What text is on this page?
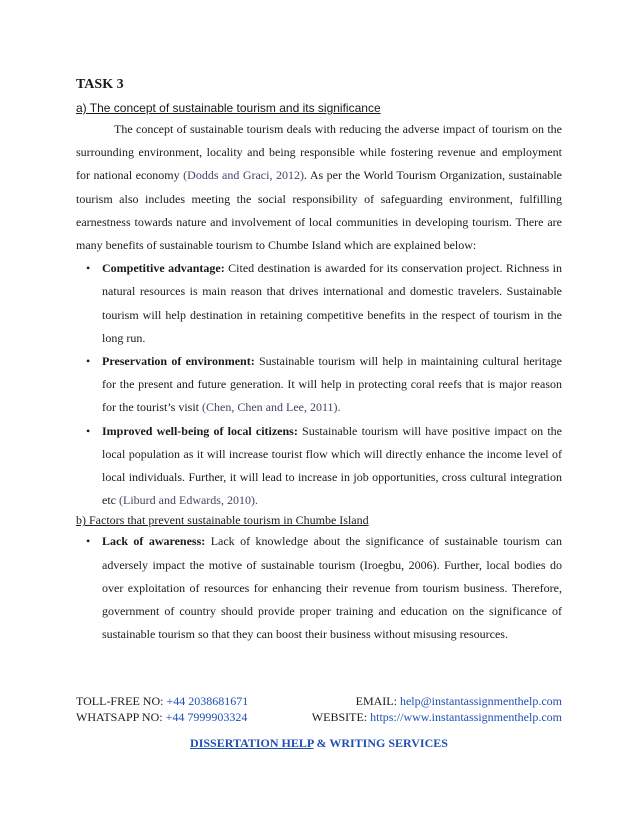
TASK 3
a) The concept of sustainable tourism and its significance

The concept of sustainable tourism deals with reducing the adverse impact of tourism on the surrounding environment, locality and being responsible while fostering revenue and employment for national economy (Dodds and Graci, 2012). As per the World Tourism Organization, sustainable tourism also includes meeting the social responsibility of safeguarding environment, fulfilling earnestness towards nature and involvement of local communities in developing tourism. There are many benefits of sustainable tourism to Chumbe Island which are explained below:

• Competitive advantage: Cited destination is awarded for its conservation project. Richness in natural resources is main reason that drives international and domestic travelers. Sustainable tourism will help destination in retaining competitive benefits in the respect of tourism in the long run.
• Preservation of environment: Sustainable tourism will help in maintaining cultural heritage for the present and future generation. It will help in protecting coral reefs that is major reason for the tourist’s visit (Chen, Chen and Lee, 2011).
• Improved well-being of local citizens: Sustainable tourism will have positive impact on the local population as it will increase tourist flow which will directly enhance the income level of local individuals. Further, it will lead to increase in job opportunities, cross cultural integration etc (Liburd and Edwards, 2010).
b) Factors that prevent sustainable tourism in Chumbe Island
• Lack of awareness: Lack of knowledge about the significance of sustainable tourism can adversely impact the motive of sustainable tourism (Iroegbu, 2006). Further, local bodies do over exploitation of resources for enhancing their revenue from tourism business. Therefore, government of country should provide proper training and education on the significance of sustainable tourism so that they can boost their business without misusing resources.
TOLL-FREE NO: +44 2038681671	EMAIL: help@instantassignmenthelp.com
WHATSAPP NO: +44 7999903324	WEBSITE: https://www.instantassignmenthelp.com
DISSERTATION HELP & WRITING SERVICES
